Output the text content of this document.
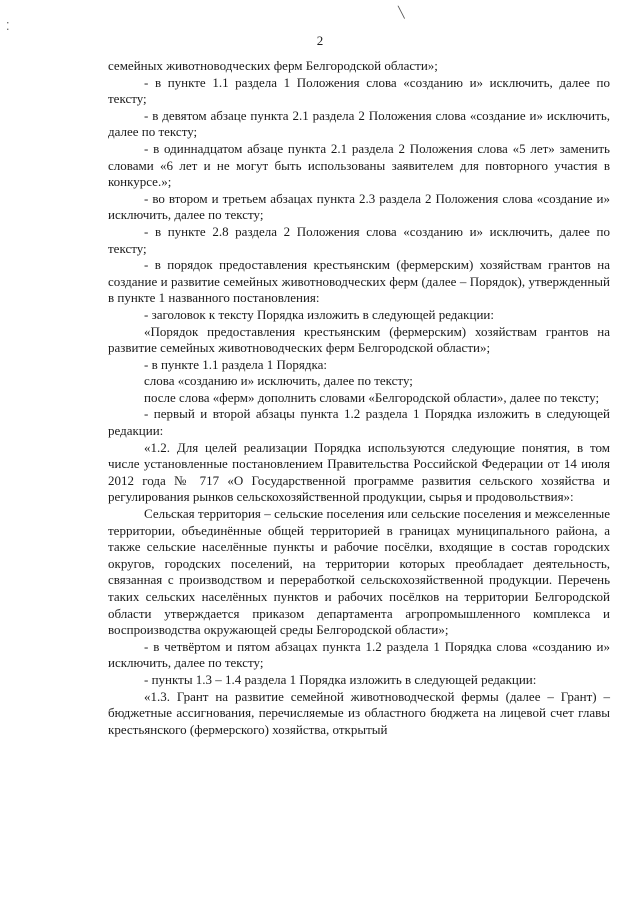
╲
⁚
2

семейных животноводческих ферм Белгородской области»;

- в пункте 1.1 раздела 1 Положения слова «созданию и» исключить, далее по тексту;

- в девятом абзаце пункта 2.1 раздела 2 Положения слова «создание и» исключить, далее по тексту;

- в одиннадцатом абзаце пункта 2.1 раздела 2 Положения слова «5 лет» заменить словами «6 лет и не могут быть использованы заявителем для повторного участия в конкурсе.»;

- во втором и третьем абзацах пункта 2.3 раздела 2 Положения слова «создание и» исключить, далее по тексту;

- в пункте 2.8 раздела 2 Положения слова «созданию и» исключить, далее по тексту;

- в порядок предоставления крестьянским (фермерским) хозяйствам грантов на создание и развитие семейных животноводческих ферм (далее – Порядок), утвержденный в пункте 1 названного постановления:

- заголовок к тексту Порядка изложить в следующей редакции:

«Порядок предоставления крестьянским (фермерским) хозяйствам грантов на развитие семейных животноводческих ферм Белгородской области»;

- в пункте 1.1 раздела 1 Порядка:

слова «созданию и» исключить, далее по тексту;

после слова «ферм» дополнить словами «Белгородской области», далее по тексту;

- первый и второй абзацы пункта 1.2 раздела 1 Порядка изложить в следующей редакции:

«1.2. Для целей реализации Порядка используются следующие понятия, в том числе установленные постановлением Правительства Российской Федерации от 14 июля 2012 года № 717 «О Государственной программе развития сельского хозяйства и регулирования рынков сельскохозяйственной продукции, сырья и продовольствия»:

Сельская территория – сельские поселения или сельские поселения и межселенные территории, объединённые общей территорией в границах муниципального района, а также сельские населённые пункты и рабочие посёлки, входящие в состав городских округов, городских поселений, на территории которых преобладает деятельность, связанная с производством и переработкой сельскохозяйственной продукции. Перечень таких сельских населённых пунктов и рабочих посёлков на территории Белгородской области утверждается приказом департамента агропромышленного комплекса и воспроизводства окружающей среды Белгородской области»;

- в четвёртом и пятом абзацах пункта 1.2 раздела 1 Порядка слова «созданию и» исключить, далее по тексту;

- пункты 1.3 – 1.4 раздела 1 Порядка изложить в следующей редакции:

«1.3. Грант на развитие семейной животноводческой фермы (далее – Грант) – бюджетные ассигнования, перечисляемые из областного бюджета на лицевой счет главы крестьянского (фермерского) хозяйства, открытый
